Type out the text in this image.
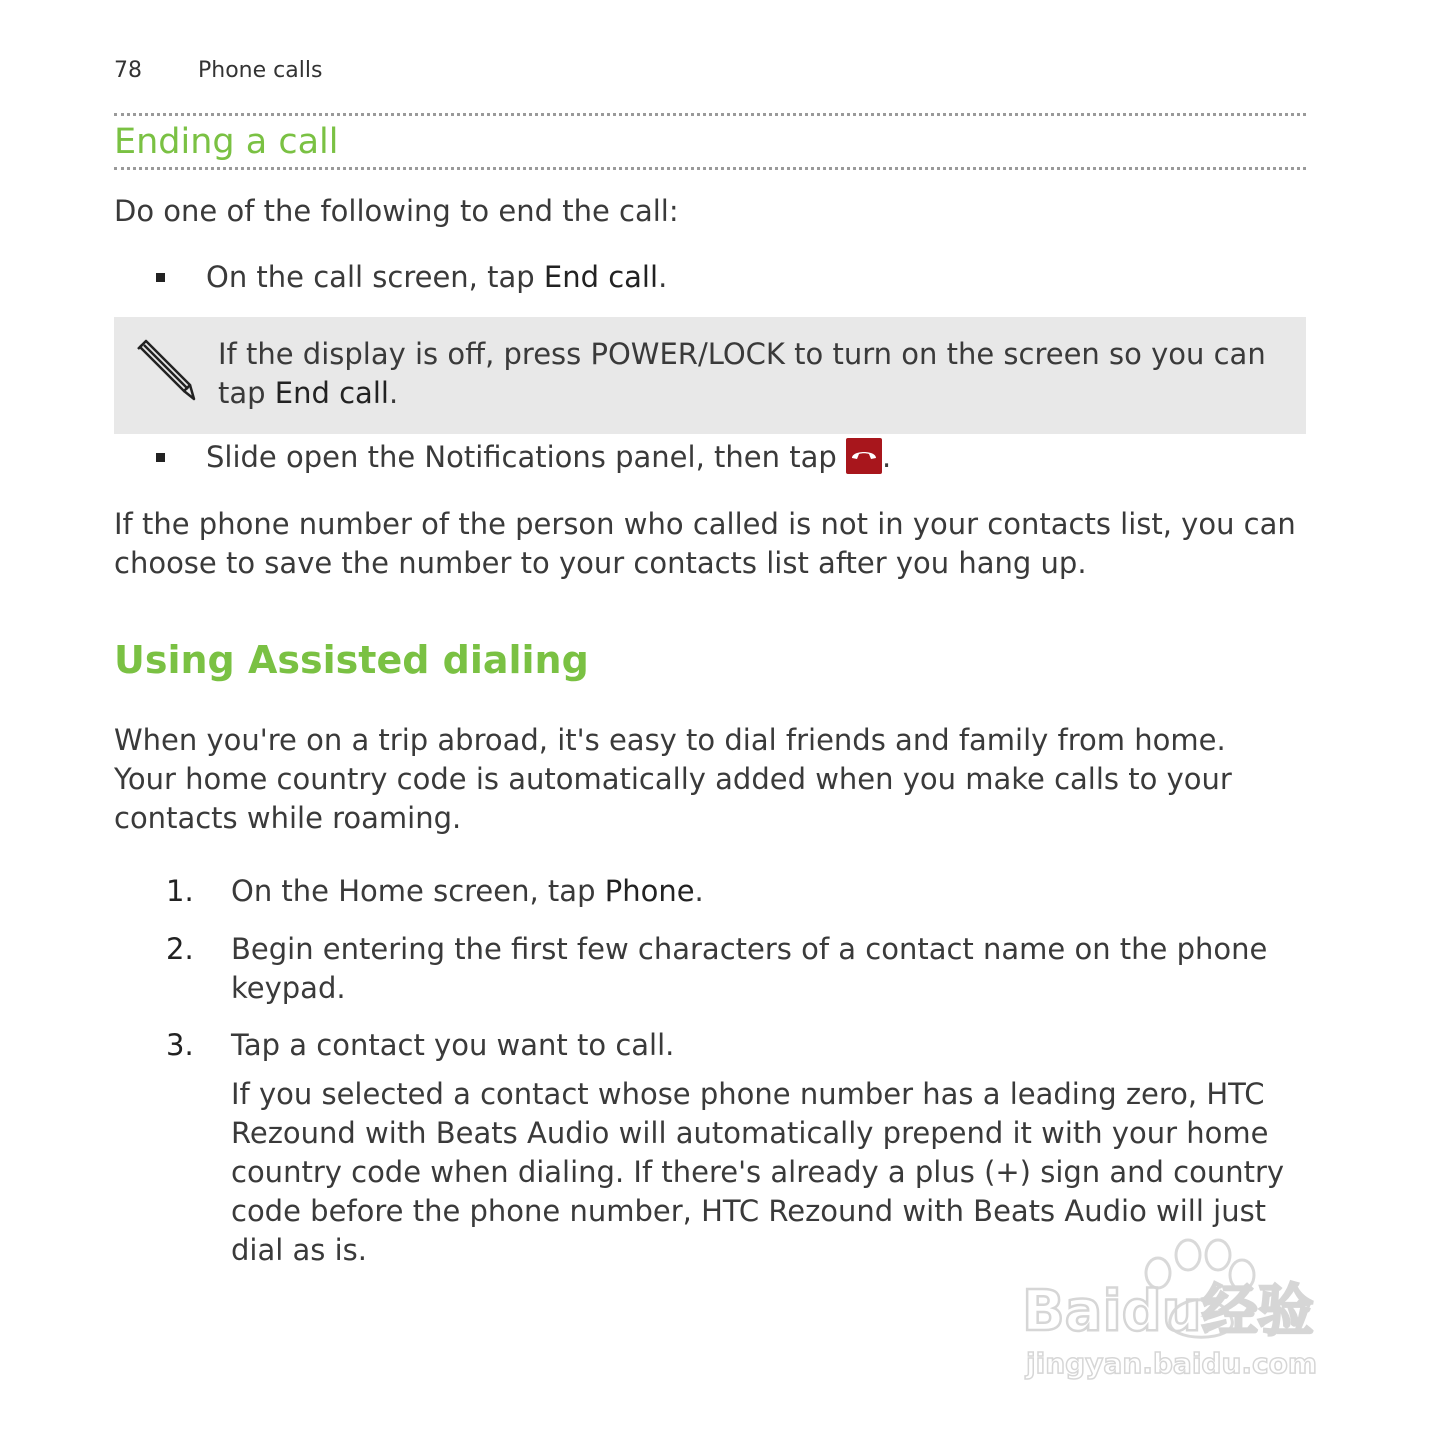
78	Phone calls
Ending a call

Do one of the following to end the call:

On the call screen, tap End call.
If the display is off, press POWER/LOCK to turn on the screen so you can tap End call.
Slide open the Notifications panel, then tap
.

If the phone number of the person who called is not in your contacts list, you can choose to save the number to your contacts list after you hang up.

Using Assisted dialing

When you're on a trip abroad, it's easy to dial friends and family from home. Your home country code is automatically added when you make calls to your contacts while roaming.

1.	On the Home screen, tap Phone.
2.	Begin entering the first few characters of a contact name on the phone keypad.
3.	Tap a contact you want to call.

If you selected a contact whose phone number has a leading zero, HTC Rezound with Beats Audio will automatically prepend it with your home country code when dialing. If there's already a plus (+) sign and country code before the phone number, HTC Rezound with Beats Audio will just dial as is.

Baidu经验
jingyan.baidu.com
